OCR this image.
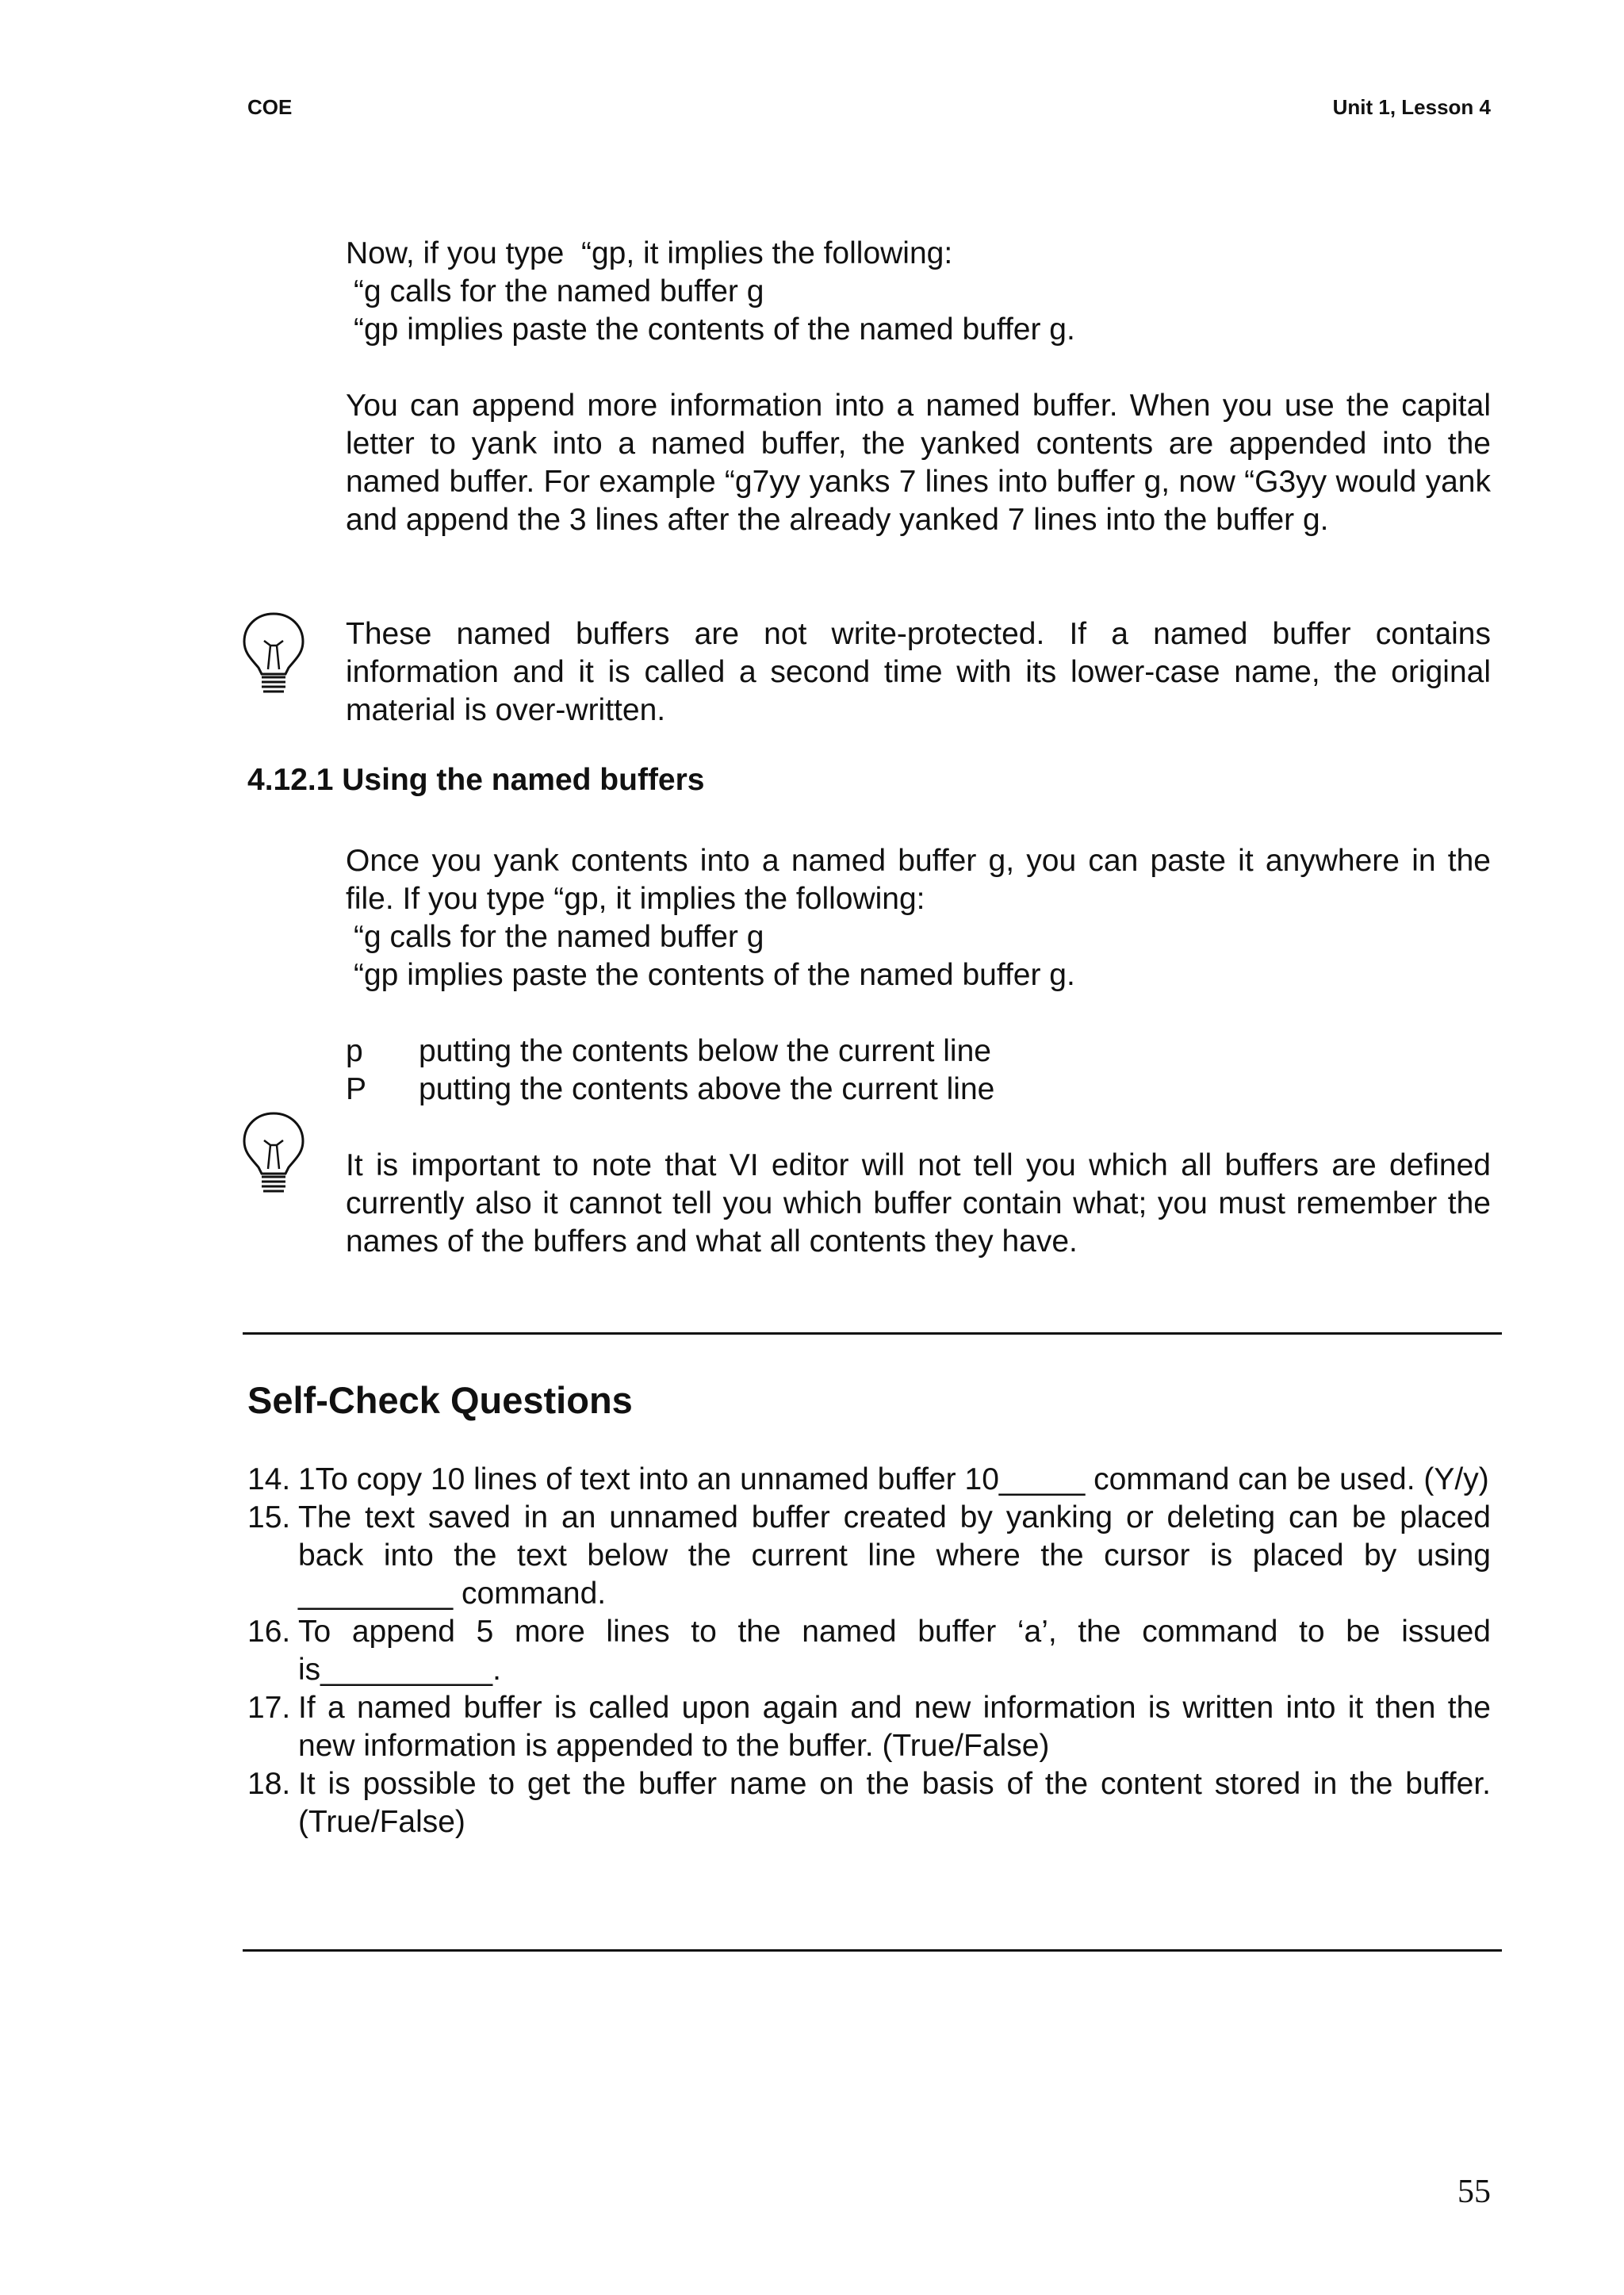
COE	Unit 1, Lesson 4

Now, if you type  “gp, it implies the following:

“g calls for the named buffer g

“gp implies paste the contents of the named buffer g.

You can append more information into a named buffer. When you use the capital letter to yank into a named buffer, the yanked contents are appended into the named buffer. For example “g7yy yanks 7 lines into buffer g, now “G3yy would yank and append the 3 lines after the already yanked 7 lines into the buffer g.

These named buffers are not write-protected. If a named buffer contains information and it is called a second time with its lower-case name, the original material is over-written.

4.12.1 Using the named buffers

Once you yank contents into a named buffer g, you can paste it anywhere in the file. If you type “gp, it implies the following:

“g calls for the named buffer g

“gp implies paste the contents of the named buffer g.

p	putting the contents below the current line
P	putting the contents above the current line

It is important to note that VI editor will not tell you which all buffers are defined currently also it cannot tell you which buffer contain what; you must remember the names of the buffers and what all contents they have.

Self-Check Questions
14. 1To copy 10 lines of text into an unnamed buffer 10_____ command can be used. (Y/y)
15. The text saved in an unnamed buffer created by yanking or deleting can be placed back into the text below the current line where the cursor is placed by using _________ command.
16. To append 5 more lines to the named buffer ‘a’, the command to be issued is__________.
17. If a named buffer is called upon again and new information is written into it then the new information is appended to the buffer. (True/False)
18. It is possible to get the buffer name on the basis of the content stored in the buffer. (True/False)
55
